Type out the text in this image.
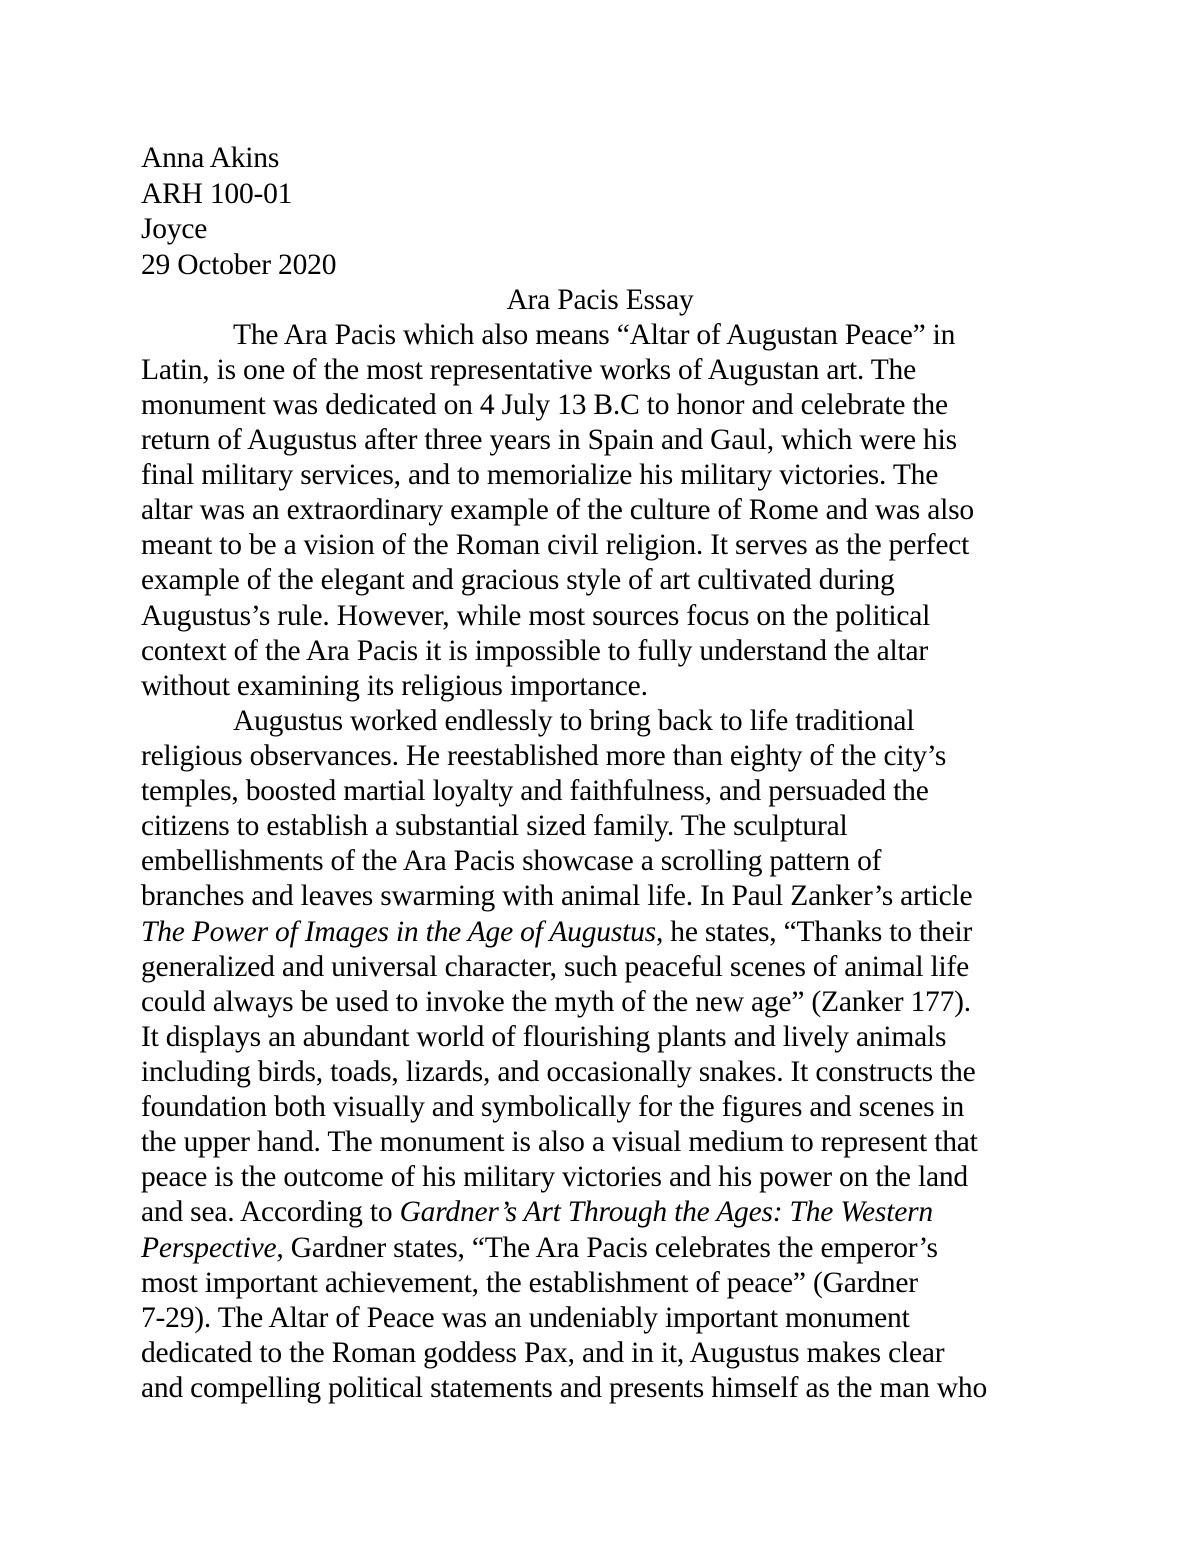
Anna Akins
ARH 100-01
Joyce
29 October 2020
Ara Pacis Essay
The Ara Pacis which also means “Altar of Augustan Peace” in
Latin, is one of the most representative works of Augustan art. The
monument was dedicated on 4 July 13 B.C to honor and celebrate the
return of Augustus after three years in Spain and Gaul, which were his
final military services, and to memorialize his military victories. The
altar was an extraordinary example of the culture of Rome and was also
meant to be a vision of the Roman civil religion. It serves as the perfect
example of the elegant and gracious style of art cultivated during
Augustus’s rule. However, while most sources focus on the political
context of the Ara Pacis it is impossible to fully understand the altar
without examining its religious importance.
Augustus worked endlessly to bring back to life traditional
religious observances. He reestablished more than eighty of the city’s
temples, boosted martial loyalty and faithfulness, and persuaded the
citizens to establish a substantial sized family. The sculptural
embellishments of the Ara Pacis showcase a scrolling pattern of
branches and leaves swarming with animal life. In Paul Zanker’s article
The Power of Images in the Age of Augustus, he states, “Thanks to their
generalized and universal character, such peaceful scenes of animal life
could always be used to invoke the myth of the new age” (Zanker 177).
It displays an abundant world of flourishing plants and lively animals
including birds, toads, lizards, and occasionally snakes. It constructs the
foundation both visually and symbolically for the figures and scenes in
the upper hand. The monument is also a visual medium to represent that
peace is the outcome of his military victories and his power on the land
and sea. According to Gardner’s Art Through the Ages: The Western
Perspective, Gardner states, “The Ara Pacis celebrates the emperor’s
most important achievement, the establishment of peace” (Gardner
7-29). The Altar of Peace was an undeniably important monument
dedicated to the Roman goddess Pax, and in it, Augustus makes clear
and compelling political statements and presents himself as the man who
